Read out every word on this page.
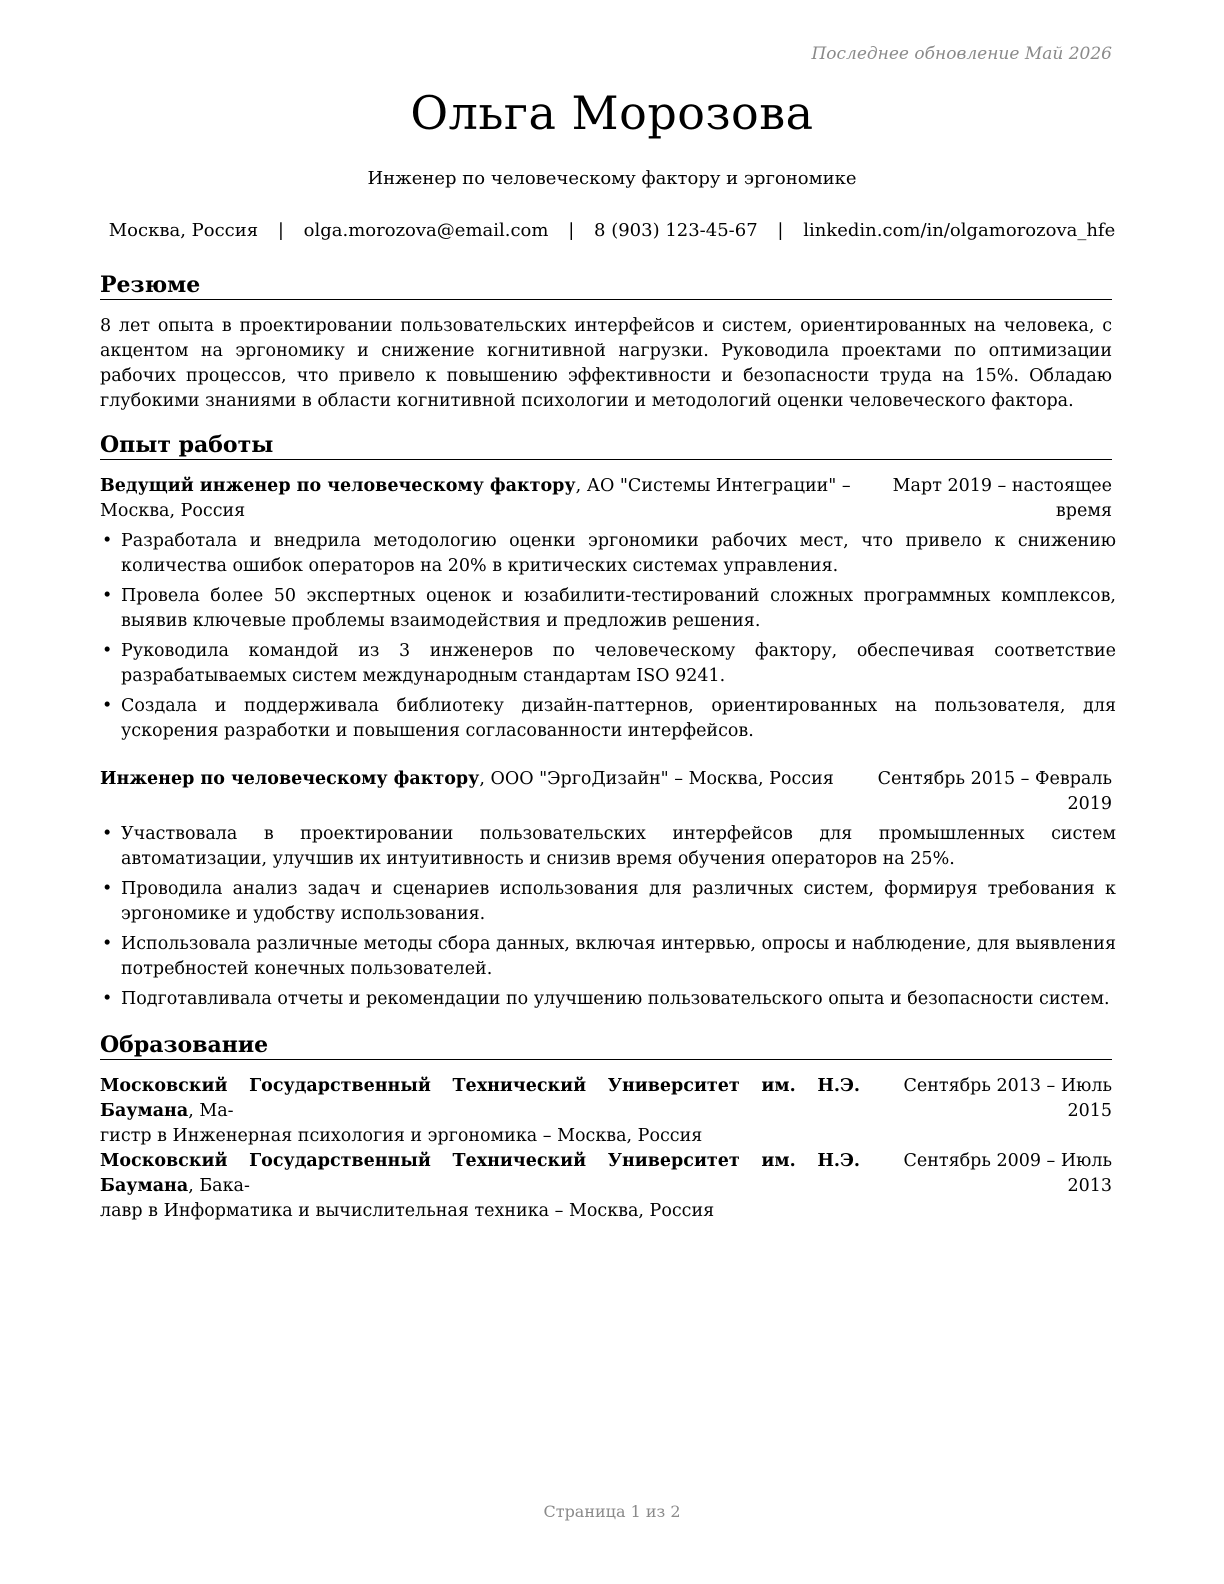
Последнее обновление Май 2026
Ольга Морозова
Инженер по человеческому фактору и эргономике
Москва, Россия | olga.morozova@email.com | 8 (903) 123-45-67 | linkedin.com/in/olgamorozova_hfe
Резюме
8 лет опыта в проектировании пользовательских интерфейсов и систем, ориентированных на человека, с акцентом на эргономику и снижение когнитивной нагрузки. Руководила проектами по оптимизации рабочих процессов, что привело к повышению эффективности и безопасности труда на 15%. Обладаю глубокими знаниями в области когнитивной психологии и методологий оценки человеческого фактора.
Опыт работы
Ведущий инженер по человеческому фактору, АО "Системы Интеграции" –
Москва, Россия
Март 2019 – настоящее
время
• Разработала и внедрила методологию оценки эргономики рабочих мест, что привело к снижению количества ошибок операторов на 20% в критических системах управления.
• Провела более 50 экспертных оценок и юзабилити-тестирований сложных программных комплексов, выявив ключевые проблемы взаимодействия и предложив решения.
• Руководила командой из 3 инженеров по человеческому фактору, обеспечивая соответствие разрабатываемых систем международным стандартам ISO 9241.
• Создала и поддерживала библиотеку дизайн-паттернов, ориентированных на пользователя, для ускорения разработки и повышения согласованности интерфейсов.
Инженер по человеческому фактору, ООО "ЭргоДизайн" – Москва, Россия	Сентябрь 2015 – Февраль
2019
• Участвовала в проектировании пользовательских интерфейсов для промышленных систем автоматизации, улучшив их интуитивность и снизив время обучения операторов на 25%.
• Проводила анализ задач и сценариев использования для различных систем, формируя требования к эргономике и удобству использования.
• Использовала различные методы сбора данных, включая интервью, опросы и наблюдение, для выявления потребностей конечных пользователей.
• Подготавливала отчеты и рекомендации по улучшению пользовательского опыта и безопасности систем.
Образование
Московский Государственный Технический Университет им. Н.Э. Баумана, Ма-
гистр в Инженерная психология и эргономика – Москва, Россия
Сентябрь 2013 – Июль
2015
Московский Государственный Технический Университет им. Н.Э. Баумана, Бака-
лавр в Информатика и вычислительная техника – Москва, Россия
Сентябрь 2009 – Июль
2013
Страница 1 из 2
